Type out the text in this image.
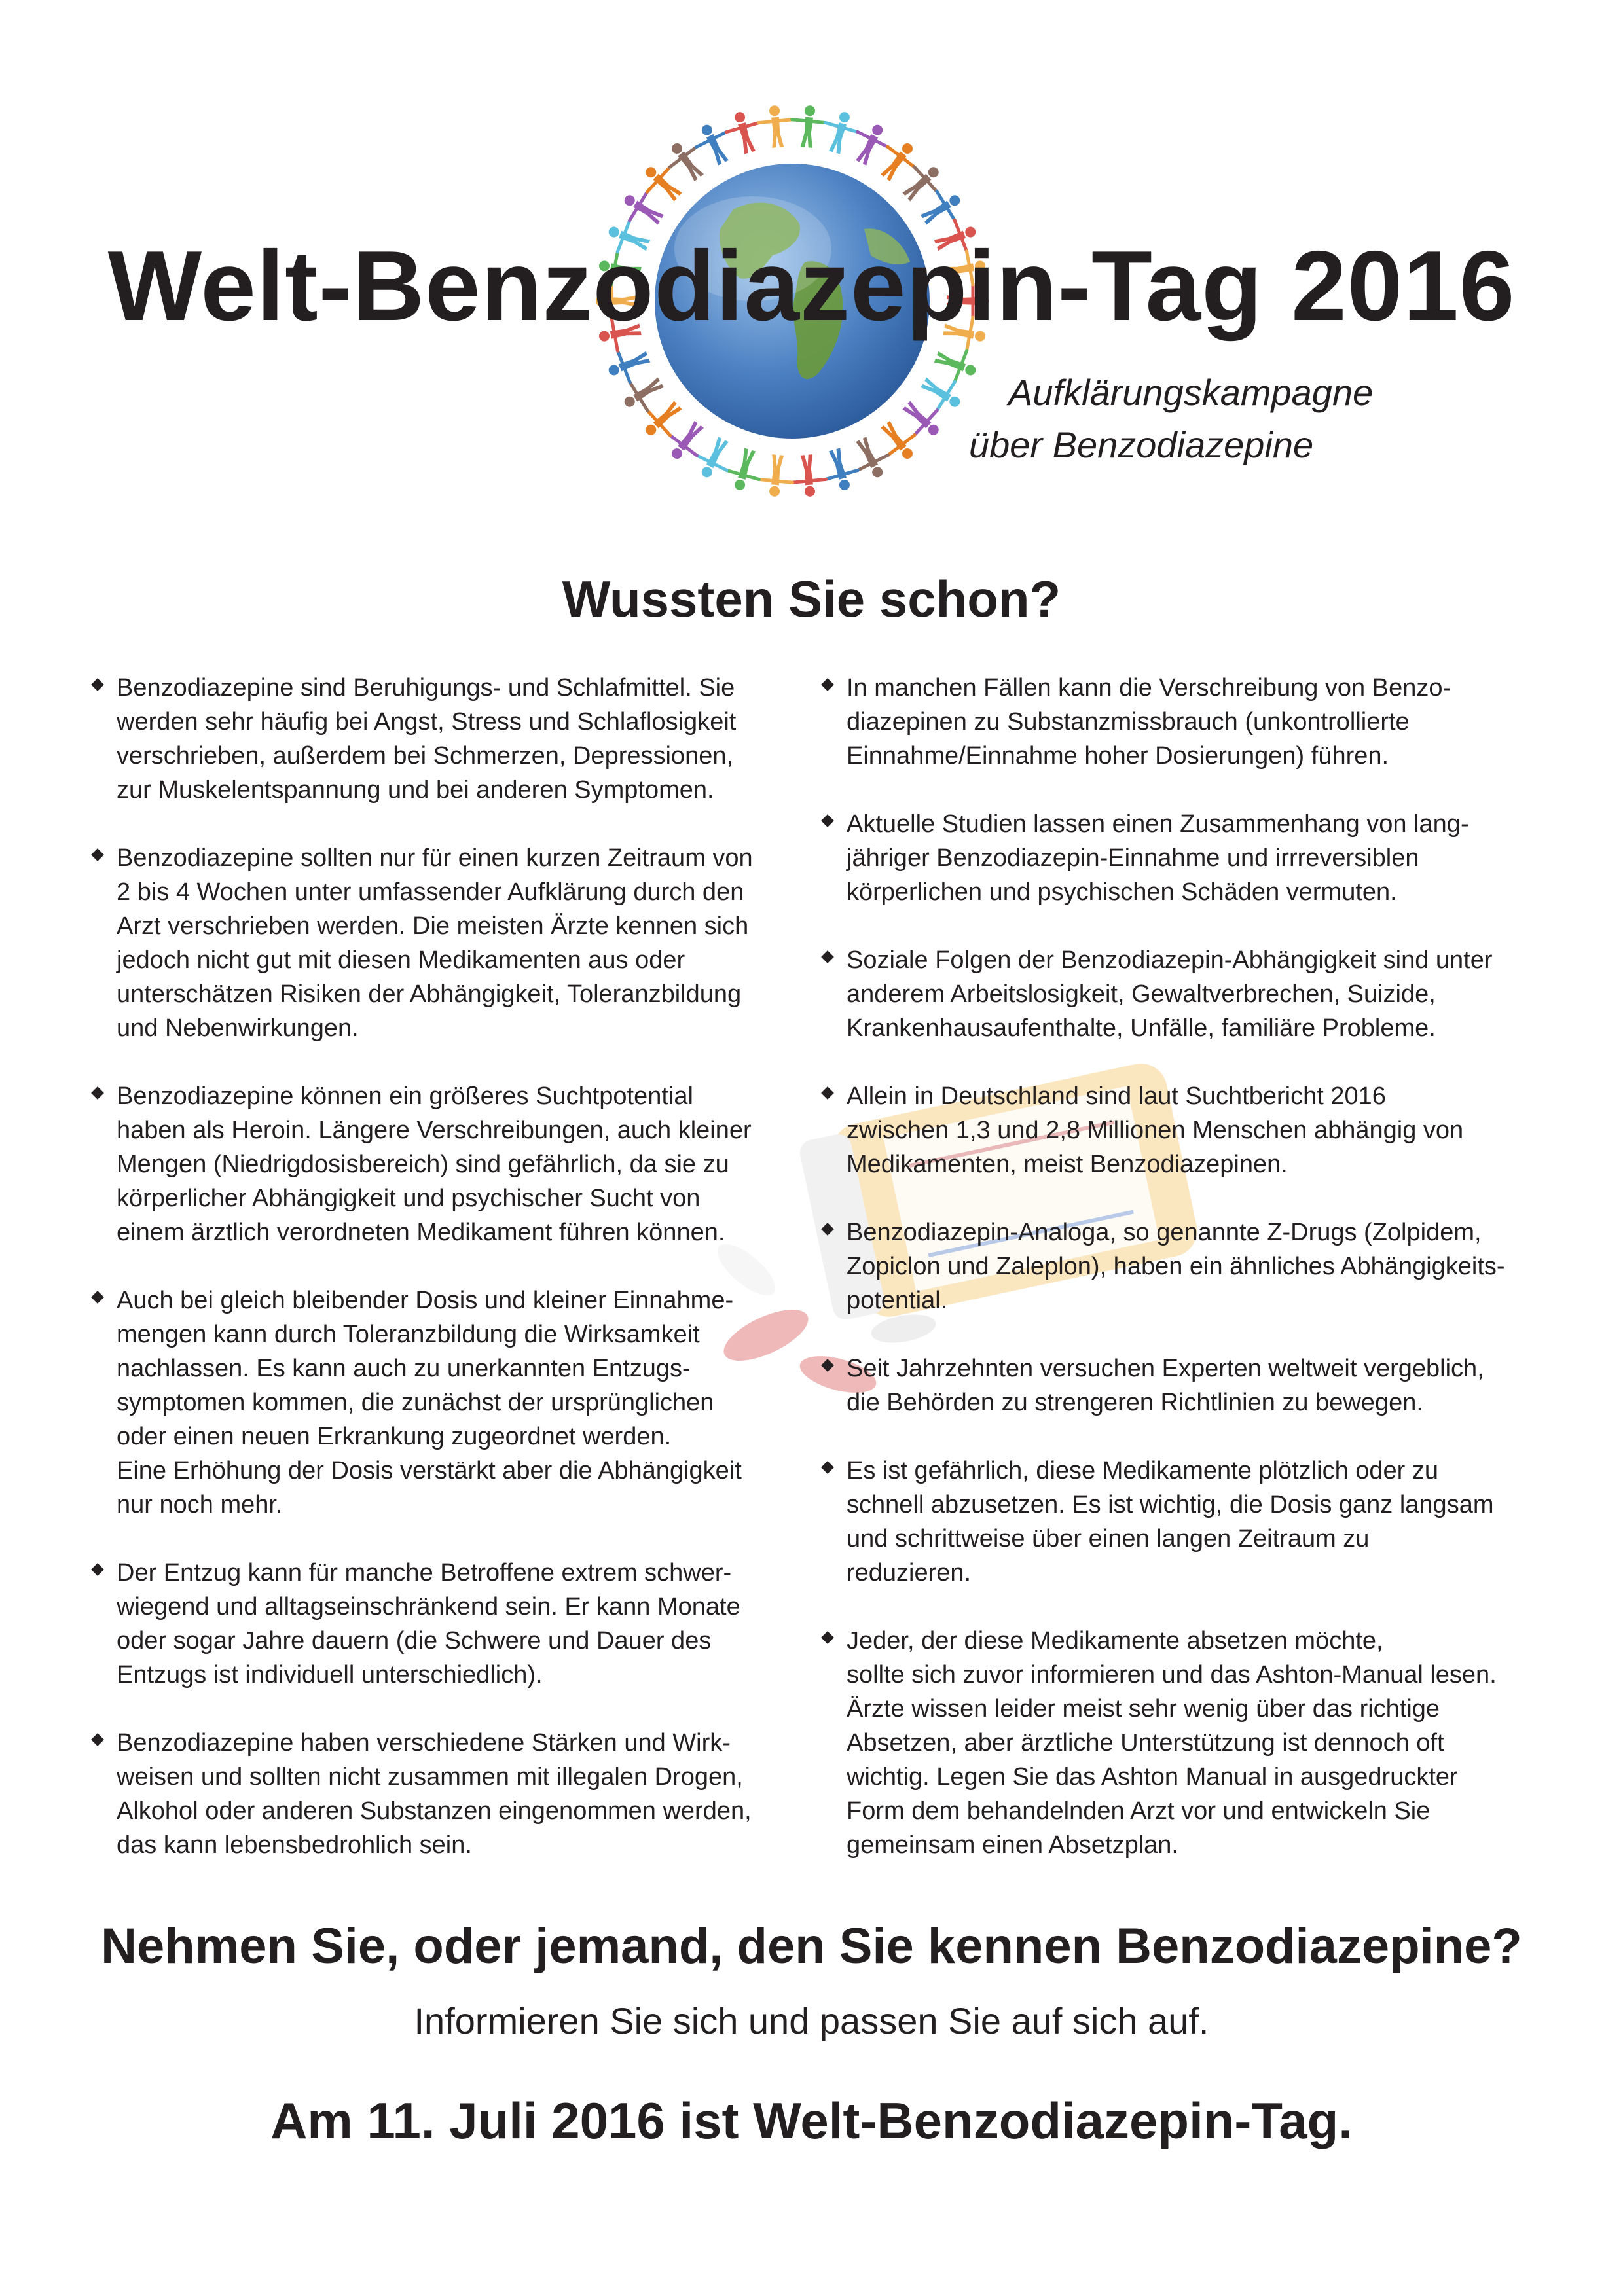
Welt-Benzodiazepin-Tag 2016
Aufklärungskampagne
über Benzodiazepine
Wussten Sie schon?
Benzodiazepine sind Beruhigungs- und Schlafmittel. Sie
werden sehr häufig bei Angst, Stress und Schlaflosigkeit
verschrieben, außerdem bei Schmerzen, Depressionen,
zur Muskelentspannung und bei anderen Symptomen.
Benzodiazepine sollten nur für einen kurzen Zeitraum von
2 bis 4 Wochen unter umfassender Aufklärung durch den
Arzt verschrieben werden. Die meisten Ärzte kennen sich
jedoch nicht gut mit diesen Medikamenten aus oder
unterschätzen Risiken der Abhängigkeit, Toleranzbildung
und Nebenwirkungen.
Benzodiazepine können ein größeres Suchtpotential
haben als Heroin. Längere Verschreibungen, auch kleiner
Mengen (Niedrigdosisbereich) sind gefährlich, da sie zu
körperlicher Abhängigkeit und psychischer Sucht von
einem ärztlich verordneten Medikament führen können.
Auch bei gleich bleibender Dosis und kleiner Einnahme-
mengen kann durch Toleranzbildung die Wirksamkeit
nachlassen. Es kann auch zu unerkannten Entzugs-
symptomen kommen, die zunächst der ursprünglichen
oder einen neuen Erkrankung zugeordnet werden.
Eine Erhöhung der Dosis verstärkt aber die Abhängigkeit
nur noch mehr.
Der Entzug kann für manche Betroffene extrem schwer-
wiegend und alltagseinschränkend sein. Er kann Monate
oder sogar Jahre dauern (die Schwere und Dauer des
Entzugs ist individuell unterschiedlich).
Benzodiazepine haben verschiedene Stärken und Wirk-
weisen und sollten nicht zusammen mit illegalen Drogen,
Alkohol oder anderen Substanzen eingenommen werden,
das kann lebensbedrohlich sein.
In manchen Fällen kann die Verschreibung von Benzo-
diazepinen zu Substanzmissbrauch (unkontrollierte
Einnahme/Einnahme hoher Dosierungen) führen.
Aktuelle Studien lassen einen Zusammenhang von lang-
jähriger Benzodiazepin-Einnahme und irrreversiblen
körperlichen und psychischen Schäden vermuten.
Soziale Folgen der Benzodiazepin-Abhängigkeit sind unter
anderem Arbeitslosigkeit, Gewaltverbrechen, Suizide,
Krankenhausaufenthalte, Unfälle, familiäre Probleme.
Allein in Deutschland sind laut Suchtbericht 2016
zwischen 1,3 und 2,8 Millionen Menschen abhängig von
Medikamenten, meist Benzodiazepinen.
Benzodiazepin-Analoga, so genannte Z-Drugs (Zolpidem,
Zopiclon und Zaleplon), haben ein ähnliches Abhängigkeits-
potential.
Seit Jahrzehnten versuchen Experten weltweit vergeblich,
die Behörden zu strengeren Richtlinien zu bewegen.
Es ist gefährlich, diese Medikamente plötzlich oder zu
schnell abzusetzen. Es ist wichtig, die Dosis ganz langsam
und schrittweise über einen langen Zeitraum zu
reduzieren.
Jeder, der diese Medikamente absetzen möchte,
sollte sich zuvor informieren und das Ashton-Manual lesen.
Ärzte wissen leider meist sehr wenig über das richtige
Absetzen, aber ärztliche Unterstützung ist dennoch oft
wichtig. Legen Sie das Ashton Manual in ausgedruckter
Form dem behandelnden Arzt vor und entwickeln Sie
gemeinsam einen Absetzplan.
Nehmen Sie, oder jemand, den Sie kennen Benzodiazepine?

Informieren Sie sich und passen Sie auf sich auf.

Am 11. Juli 2016 ist Welt-Benzodiazepin-Tag.
